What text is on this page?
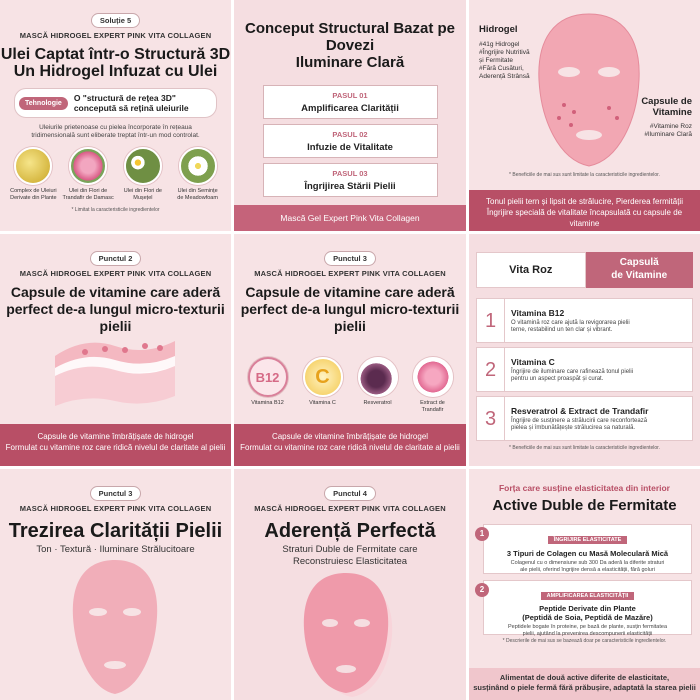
Soluție 5
MASCĂ HIDROGEL EXPERT PINK VITA COLLAGEN
Ulei Captat într-o Structură 3D
Un Hidrogel Infuzat cu Ulei
Tehnologie	O "structură de rețea 3D"
concepută să rețină uleiurile
Uleiurile prietenoase cu pielea încorporate în rețeaua
tridimensională sunt eliberate treptat într-un mod controlat.
Complex de Uleiuri
Derivate din Plante
Ulei din Flori de
Trandafir de Damasc
Ulei din Flori de
Mușețel
Ulei din Semințe
de Meadowfoam
* Limitat la caracteristicile ingredientelor
Conceput Structural Bazat pe Dovezi
Iluminare Clară
PASUL 01
Amplificarea Clarității
PASUL 02
Infuzie de Vitalitate
PASUL 03
Îngrijirea Stării Pielii
Mască Gel Expert Pink Vita Collagen
Hidrogel
#41g Hidrogel
#Îngrijire Nutritivă
și Fermitate
#Fără Cusături,
Aderență Strânsă
Capsule de
Vitamine
#Vitamine Roz
#Iluminare Clară
* Beneficiile de mai sus sunt limitate la caracteristicile ingredientelor.
Tonul pielii tern și lipsit de strălucire, Pierderea fermității
Îngrijire specială de vitalitate încapsulată cu capsule de vitamine
Punctul 2
MASCĂ HIDROGEL EXPERT PINK VITA COLLAGEN
Capsule de vitamine care aderă
perfect de-a lungul micro-texturii pielii
Capsule de vitamine îmbrățișate de hidrogel
Formulat cu vitamine roz care ridică nivelul de claritate al pielii
Punctul 3
MASCĂ HIDROGEL EXPERT PINK VITA COLLAGEN
Capsule de vitamine care aderă
perfect de-a lungul micro-texturii pielii
B12
Vitamina B12
C
Vitamina C	Resveratrol	Extract de
Trandafir
Capsule de vitamine îmbrățișate de hidrogel
Formulat cu vitamine roz care ridică nivelul de claritate al pielii
Vita Roz
Capsulă
de Vitamine
1	Vitamina B12
O vitamină roz care ajută la revigorarea pielii
terne, restabilind un ten clar și vibrant.
2	Vitamina C
Îngrijire de iluminare care rafinează tonul pielii
pentru un aspect proaspăt și curat.
3	Resveratrol & Extract de Trandafir
Îngrijire de susținere a strălucirii care reconfortează
pielea și îmbunătățește strălucirea sa naturală.
* Beneficiile de mai sus sunt limitate la caracteristicile ingredientelor.
Punctul 3
MASCĂ HIDROGEL EXPERT PINK VITA COLLAGEN
Trezirea Clarității Pielii
Ton · Textură · Iluminare Strălucitoare
Punctul 4
MASCĂ HIDROGEL EXPERT PINK VITA COLLAGEN
Aderență Perfectă
Straturi Duble de Fermitate care
Reconstruiesc Elasticitatea
Forța care susține elasticitatea din interior
Active Duble de Fermitate
1
ÎNGRIJIRE ELASTICITATE
3 Tipuri de Colagen cu Masă Moleculară Mică
Colagenul cu o dimensiune sub 300 Da aderă la diferite straturi
ale pielii, oferind îngrijire densă a elasticității, fără goluri
2
AMPLIFICAREA ELASTICITĂȚII
Peptide Derivate din Plante
(Peptidă de Soia, Peptidă de Mazăre)
Peptidele bogate în proteine, pe bază de plante, susțin fermitatea
pielii, ajutând la prevenirea descompunerii elasticității
* Descrierile de mai sus se bazează doar pe caracteristicile ingredientelor.
Alimentat de două active diferite de elasticitate,
susținând o piele fermă fără prăbușire, adaptată la starea pielii
